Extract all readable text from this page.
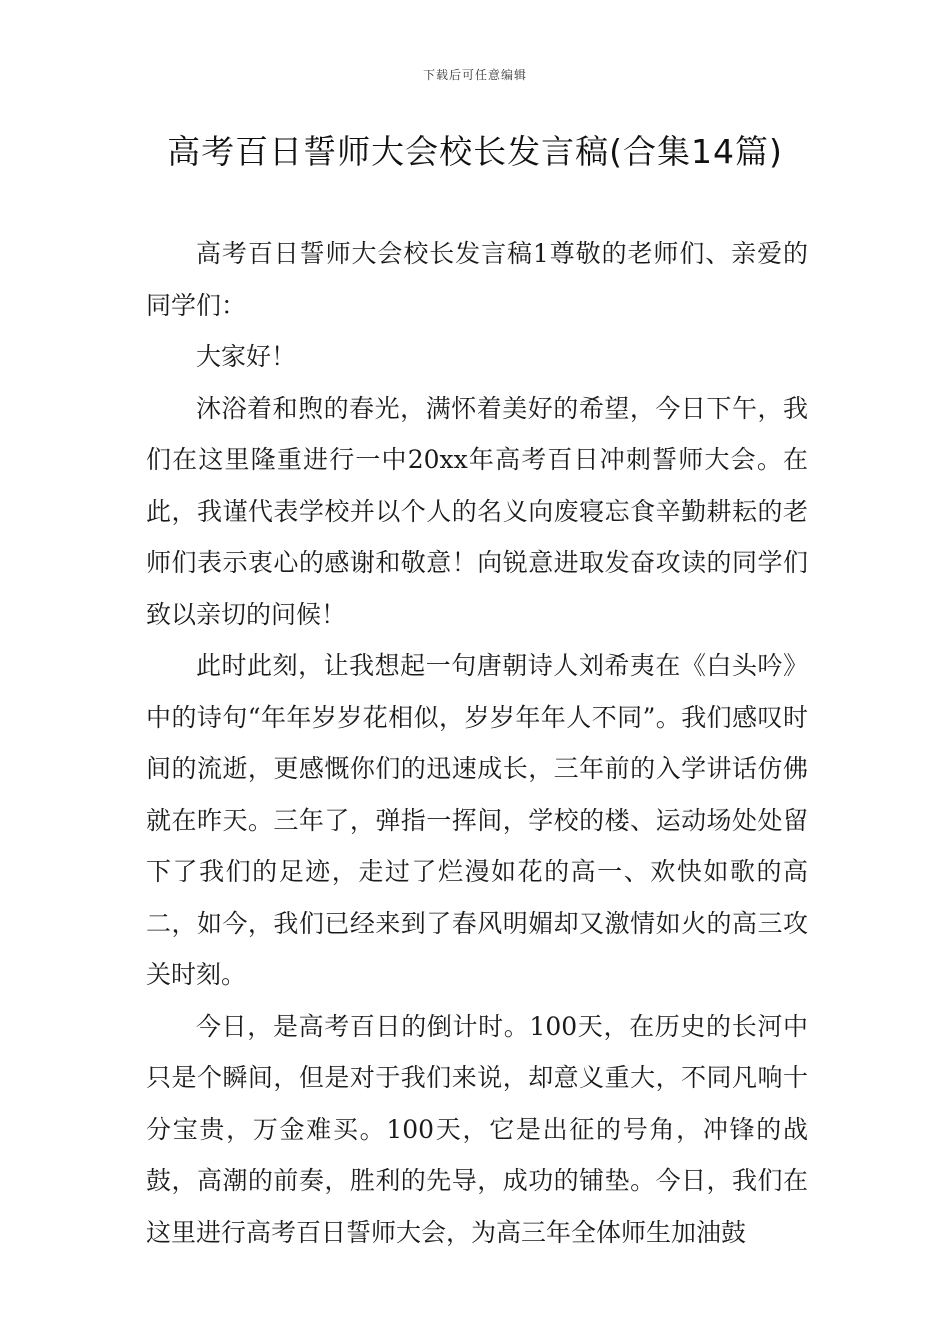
下载后可任意编辑
高考百日誓师大会校长发言稿(合集14篇)

高考百日誓师大会校长发言稿1尊敬的老师们、亲爱的同学们：

大家好！

沐浴着和煦的春光，满怀着美好的希望，今日下午，我们在这里隆重进行一中20xx年高考百日冲刺誓师大会。在此，我谨代表学校并以个人的名义向废寝忘食辛勤耕耘的老师们表示衷心的感谢和敬意！向锐意进取发奋攻读的同学们致以亲切的问候！

此时此刻，让我想起一句唐朝诗人刘希夷在《白头吟》中的诗句“年年岁岁花相似，岁岁年年人不同”。我们感叹时间的流逝，更感慨你们的迅速成长，三年前的入学讲话仿佛就在昨天。三年了，弹指一挥间，学校的楼、运动场处处留下了我们的足迹，走过了烂漫如花的高一、欢快如歌的高二，如今，我们已经来到了春风明媚却又激情如火的高三攻关时刻。

今日，是高考百日的倒计时。100天，在历史的长河中只是个瞬间，但是对于我们来说，却意义重大，不同凡响十分宝贵，万金难买。100天，它是出征的号角，冲锋的战鼓，高潮的前奏，胜利的先导，成功的铺垫。今日，我们在这里进行高考百日誓师大会，为高三年全体师生加油鼓
